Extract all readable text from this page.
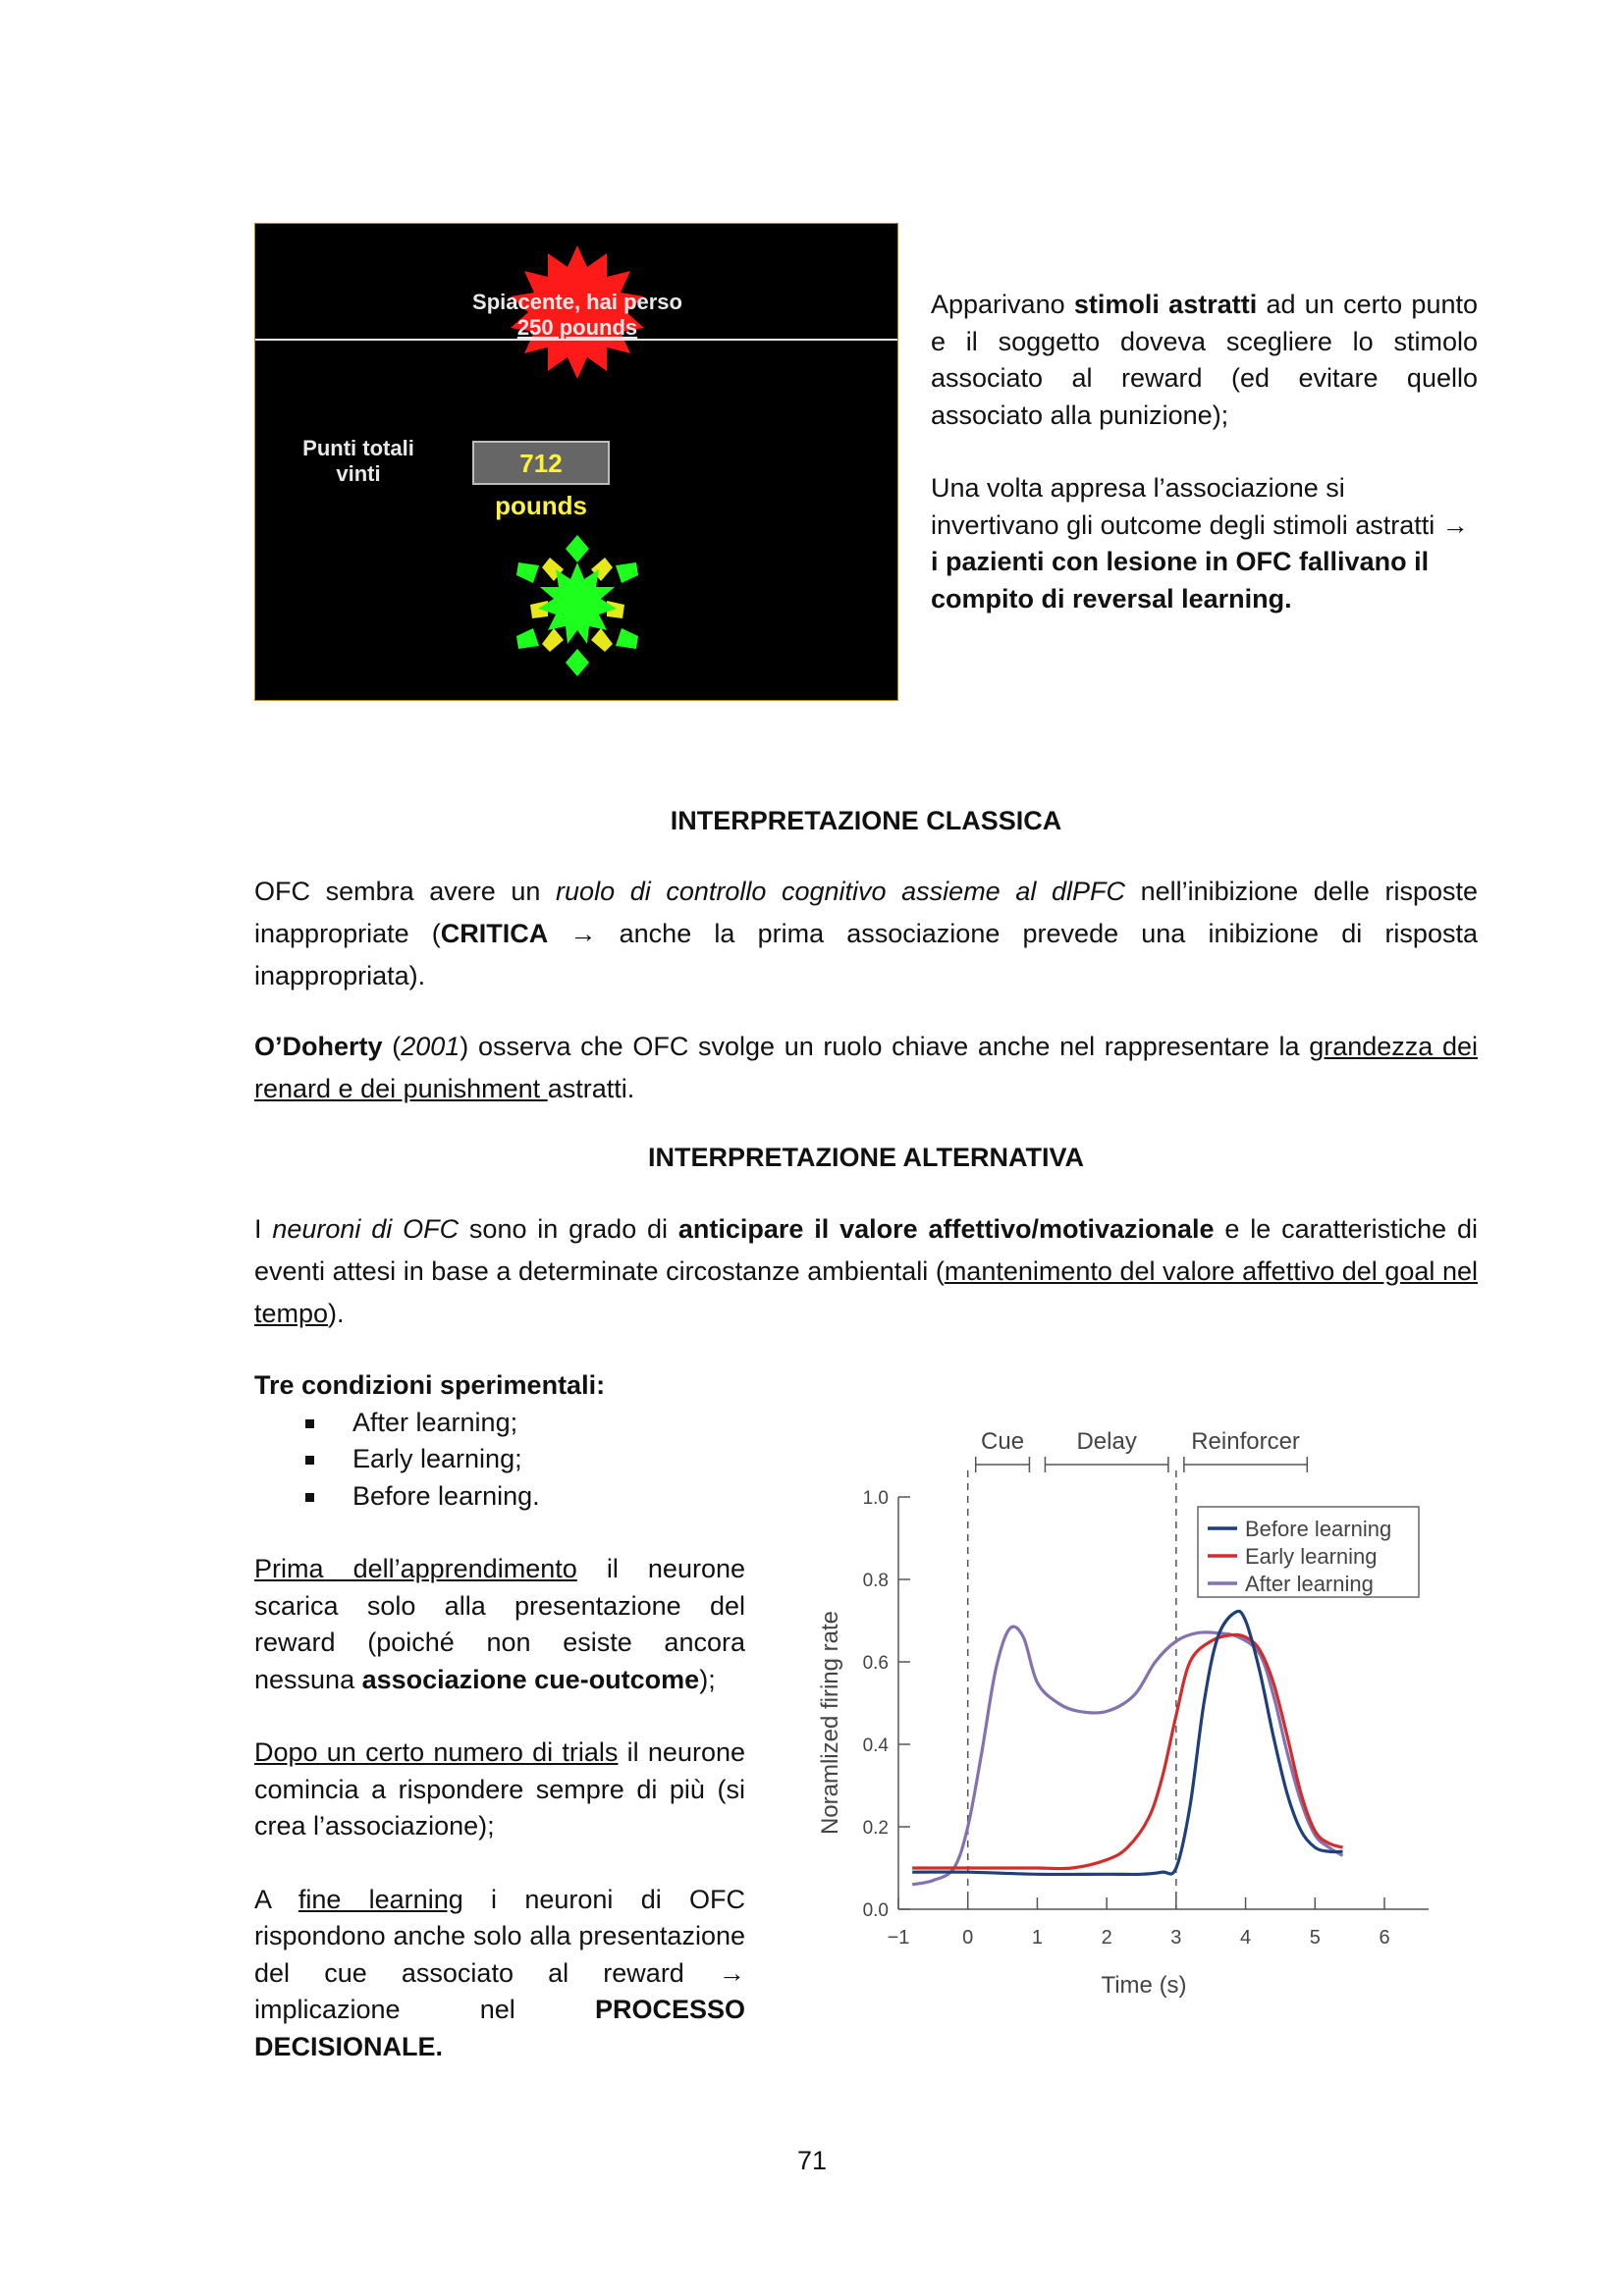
Spiacente, hai perso
250 pounds
Punti totali
vinti	712 pounds

Apparivano stimoli astratti ad un certo punto e il soggetto doveva scegliere lo stimolo associato al reward (ed evitare quello associato alla punizione);

Una volta appresa l’associazione si invertivano gli outcome degli stimoli astratti → i pazienti con lesione in OFC fallivano il compito di reversal learning.

INTERPRETAZIONE CLASSICA
OFC sembra avere un ruolo di controllo cognitivo assieme al dlPFC nell’inibizione delle risposte inappropriate (CRITICA → anche la prima associazione prevede una inibizione di risposta inappropriata).
O’Doherty (2001) osserva che OFC svolge un ruolo chiave anche nel rappresentare la grandezza dei renard e dei punishment astratti.
INTERPRETAZIONE ALTERNATIVA
I neuroni di OFC sono in grado di anticipare il valore affettivo/motivazionale e le caratteristiche di eventi attesi in base a determinate circostanze ambientali (mantenimento del valore affettivo del goal nel tempo).
Tre condizioni sperimentali:
After learning;
Early learning;
Before learning.

Prima dell’apprendimento il neurone scarica solo alla presentazione del reward (poiché non esiste ancora nessuna associazione cue-outcome);

Dopo un certo numero di trials il neurone comincia a rispondere sempre di più (si crea l’associazione);

A fine learning i neuroni di OFC rispondono anche solo alla presentazione del cue associato al reward → implicazione nel PROCESSO DECISIONALE.

0.0
0.2
0.4
0.6
0.8
1.0
−1	0	1	2	3	4	5	6
Time (s)
Noramlized firing rate
Cue Delay Reinforcer
Before learning
Early learning
After learning
71
